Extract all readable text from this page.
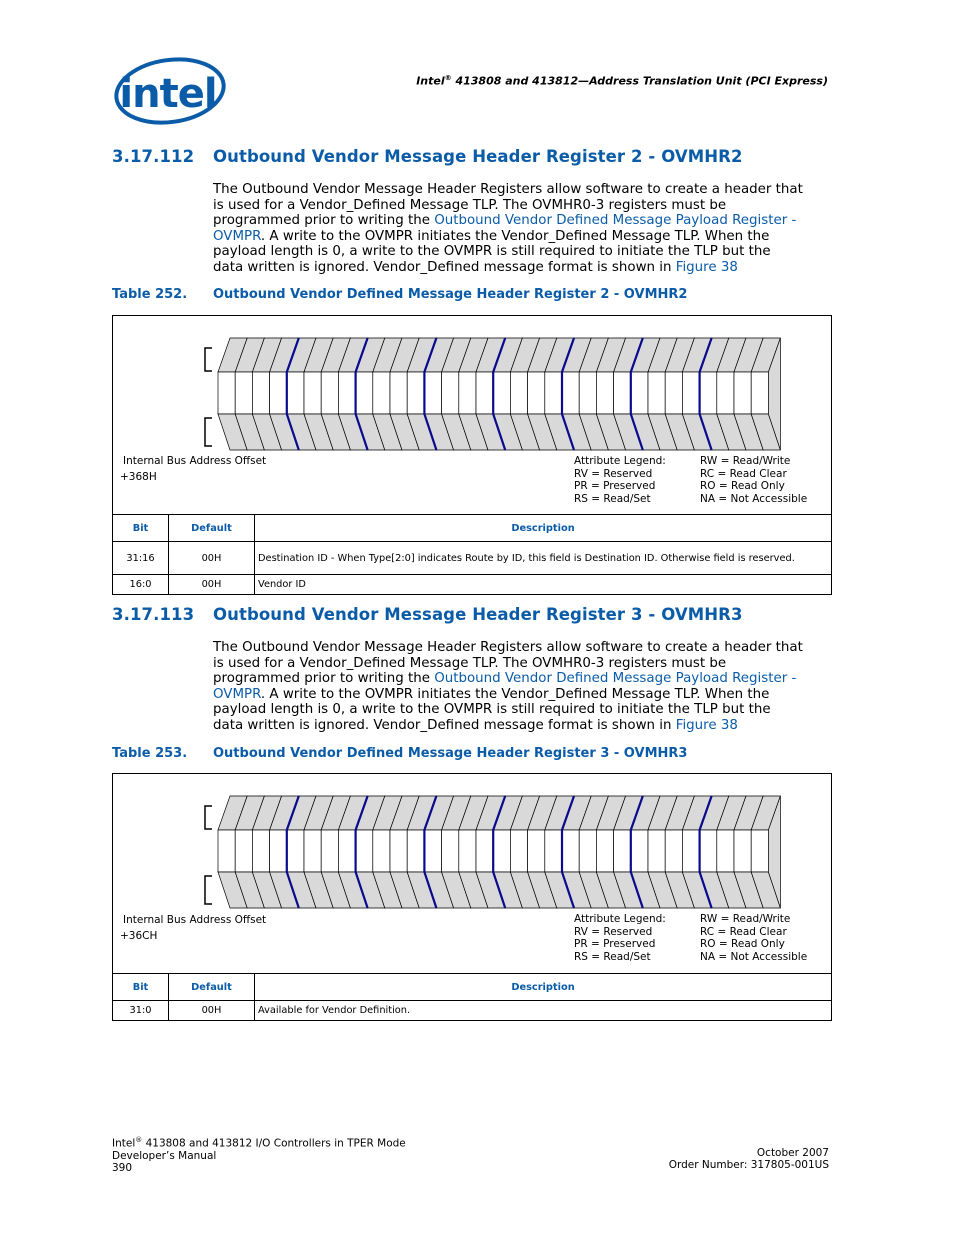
intel	Intel® 413808 and 413812—Address Translation Unit (PCI Express)
3.17.112 Outbound Vendor Message Header Register 2 - OVMHR2
The Outbound Vendor Message Header Registers allow software to create a header that
is used for a Vendor_Defined Message TLP. The OVMHR0-3 registers must be
programmed prior to writing the Outbound Vendor Defined Message Payload Register -
OVMPR. A write to the OVMPR initiates the Vendor_Defined Message TLP. When the
payload length is 0, a write to the OVMPR is still required to initiate the TLP but the
data written is ignored. Vendor_Defined message format is shown in Figure 38
Table 252. Outbound Vendor Defined Message Header Register 2 - OVMHR2
Internal Bus Address Offset
+368H
Attribute Legend:
RV = Reserved
PR = Preserved
RS = Read/Set
RW = Read/Write
RC = Read Clear
RO = Read Only
NA = Not Accessible
Bit	Default	Description
31:16	00H	Destination ID - When Type[2:0] indicates Route by ID, this field is Destination ID. Otherwise field is reserved.
16:0	00H	Vendor ID
3.17.113 Outbound Vendor Message Header Register 3 - OVMHR3
The Outbound Vendor Message Header Registers allow software to create a header that
is used for a Vendor_Defined Message TLP. The OVMHR0-3 registers must be
programmed prior to writing the Outbound Vendor Defined Message Payload Register -
OVMPR. A write to the OVMPR initiates the Vendor_Defined Message TLP. When the
payload length is 0, a write to the OVMPR is still required to initiate the TLP but the
data written is ignored. Vendor_Defined message format is shown in Figure 38
Table 253. Outbound Vendor Defined Message Header Register 3 - OVMHR3
Internal Bus Address Offset
+36CH
Attribute Legend:
RV = Reserved
PR = Preserved
RS = Read/Set
RW = Read/Write
RC = Read Clear
RO = Read Only
NA = Not Accessible
Bit	Default	Description
31:0	00H	Available for Vendor Definition.
Intel® 413808 and 413812 I/O Controllers in TPER Mode
Developer’s Manual
390
October 2007
Order Number: 317805-001US
